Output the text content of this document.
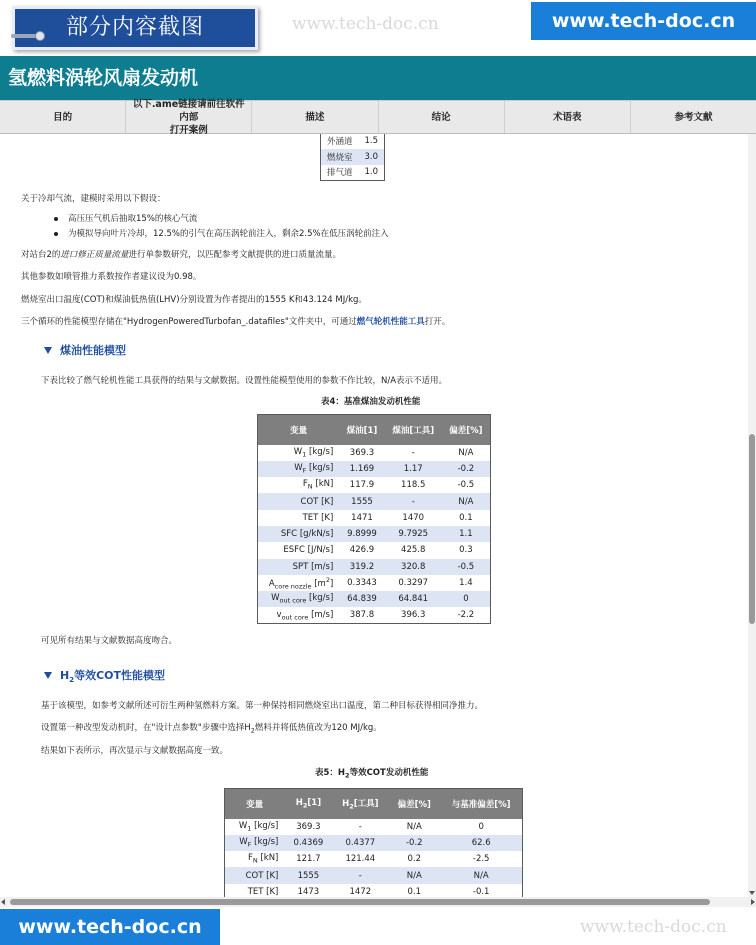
部分内容截图	www.tech-doc.cn	www.tech-doc.cn
氢燃料涡轮风扇发动机
目的
以下.ame链接请前往软件内部
打开案例
描述	结论	术语表	参考文献
外涵道	1.5
燃烧室	3.0
排气道	1.0
关于冷却气流，建模时采用以下假设：
高压压气机后抽取15%的核心气流
为模拟导向叶片冷却，12.5%的引气在高压涡轮前注入，剩余2.5%在低压涡轮前注入
对站台2的进口修正质量流量进行单参数研究，以匹配参考文献提供的进口质量流量。
其他参数如喷管推力系数按作者建议设为0.98。
燃烧室出口温度(COT)和煤油低热值(LHV)分别设置为作者提出的1555 K和43.124 MJ/kg。
三个循环的性能模型存储在"HydrogenPoweredTurbofan_.datafiles"文件夹中，可通过燃气轮机性能工具打开。
煤油性能模型
下表比较了燃气轮机性能工具获得的结果与文献数据。设置性能模型使用的参数不作比较，N/A表示不适用。
表4：基准煤油发动机性能
变量	煤油[1]	煤油[工具]	偏差[%]
$W_1$ [kg/s]	369.3	-	N/A
$W_F$ [kg/s]	1.169	1.17	-0.2
$F_N$ [kN]	117.9	118.5	-0.5
COT [K]	1555	-	N/A
TET [K]	1471	1470	0.1
SFC [g/kN/s]	9.8999	9.7925	1.1
ESFC [J/N/s]	426.9	425.8	0.3
SPT [m/s]	319.2	320.8	-0.5
$A_{core nozzle}$ $[m^2]$	0.3343	0.3297	1.4
$W_{out core}$ [kg/s]	64.839	64.841	0
$v_{out core}$ [m/s]	387.8	396.3	-2.2
可见所有结果与文献数据高度吻合。
$H_2$等效COT性能模型
基于该模型，如参考文献所述可衍生两种氢燃料方案。第一种保持相同燃烧室出口温度，第二种目标获得相同净推力。
设置第一种改型发动机时，在"设计点参数"步骤中选择$H_2$燃料并将低热值改为120 MJ/kg。
结果如下表所示，再次显示与文献数据高度一致。
表5：$H_2$等效COT发动机性能
变量	$H_2[1]$	$H_2$[工具]	偏差[%]	与基准偏差[%]
$W_1$ [kg/s]	369.3	-	N/A	0
$W_F$ [kg/s]	0.4369	0.4377	-0.2	62.6
$F_N$ [kN]	121.7	121.44	0.2	-2.5
COT [K]	1555	-	N/A	N/A
TET [K]	1473	1472	0.1	-0.1
www.tech-doc.cn	www.tech-doc.cn
